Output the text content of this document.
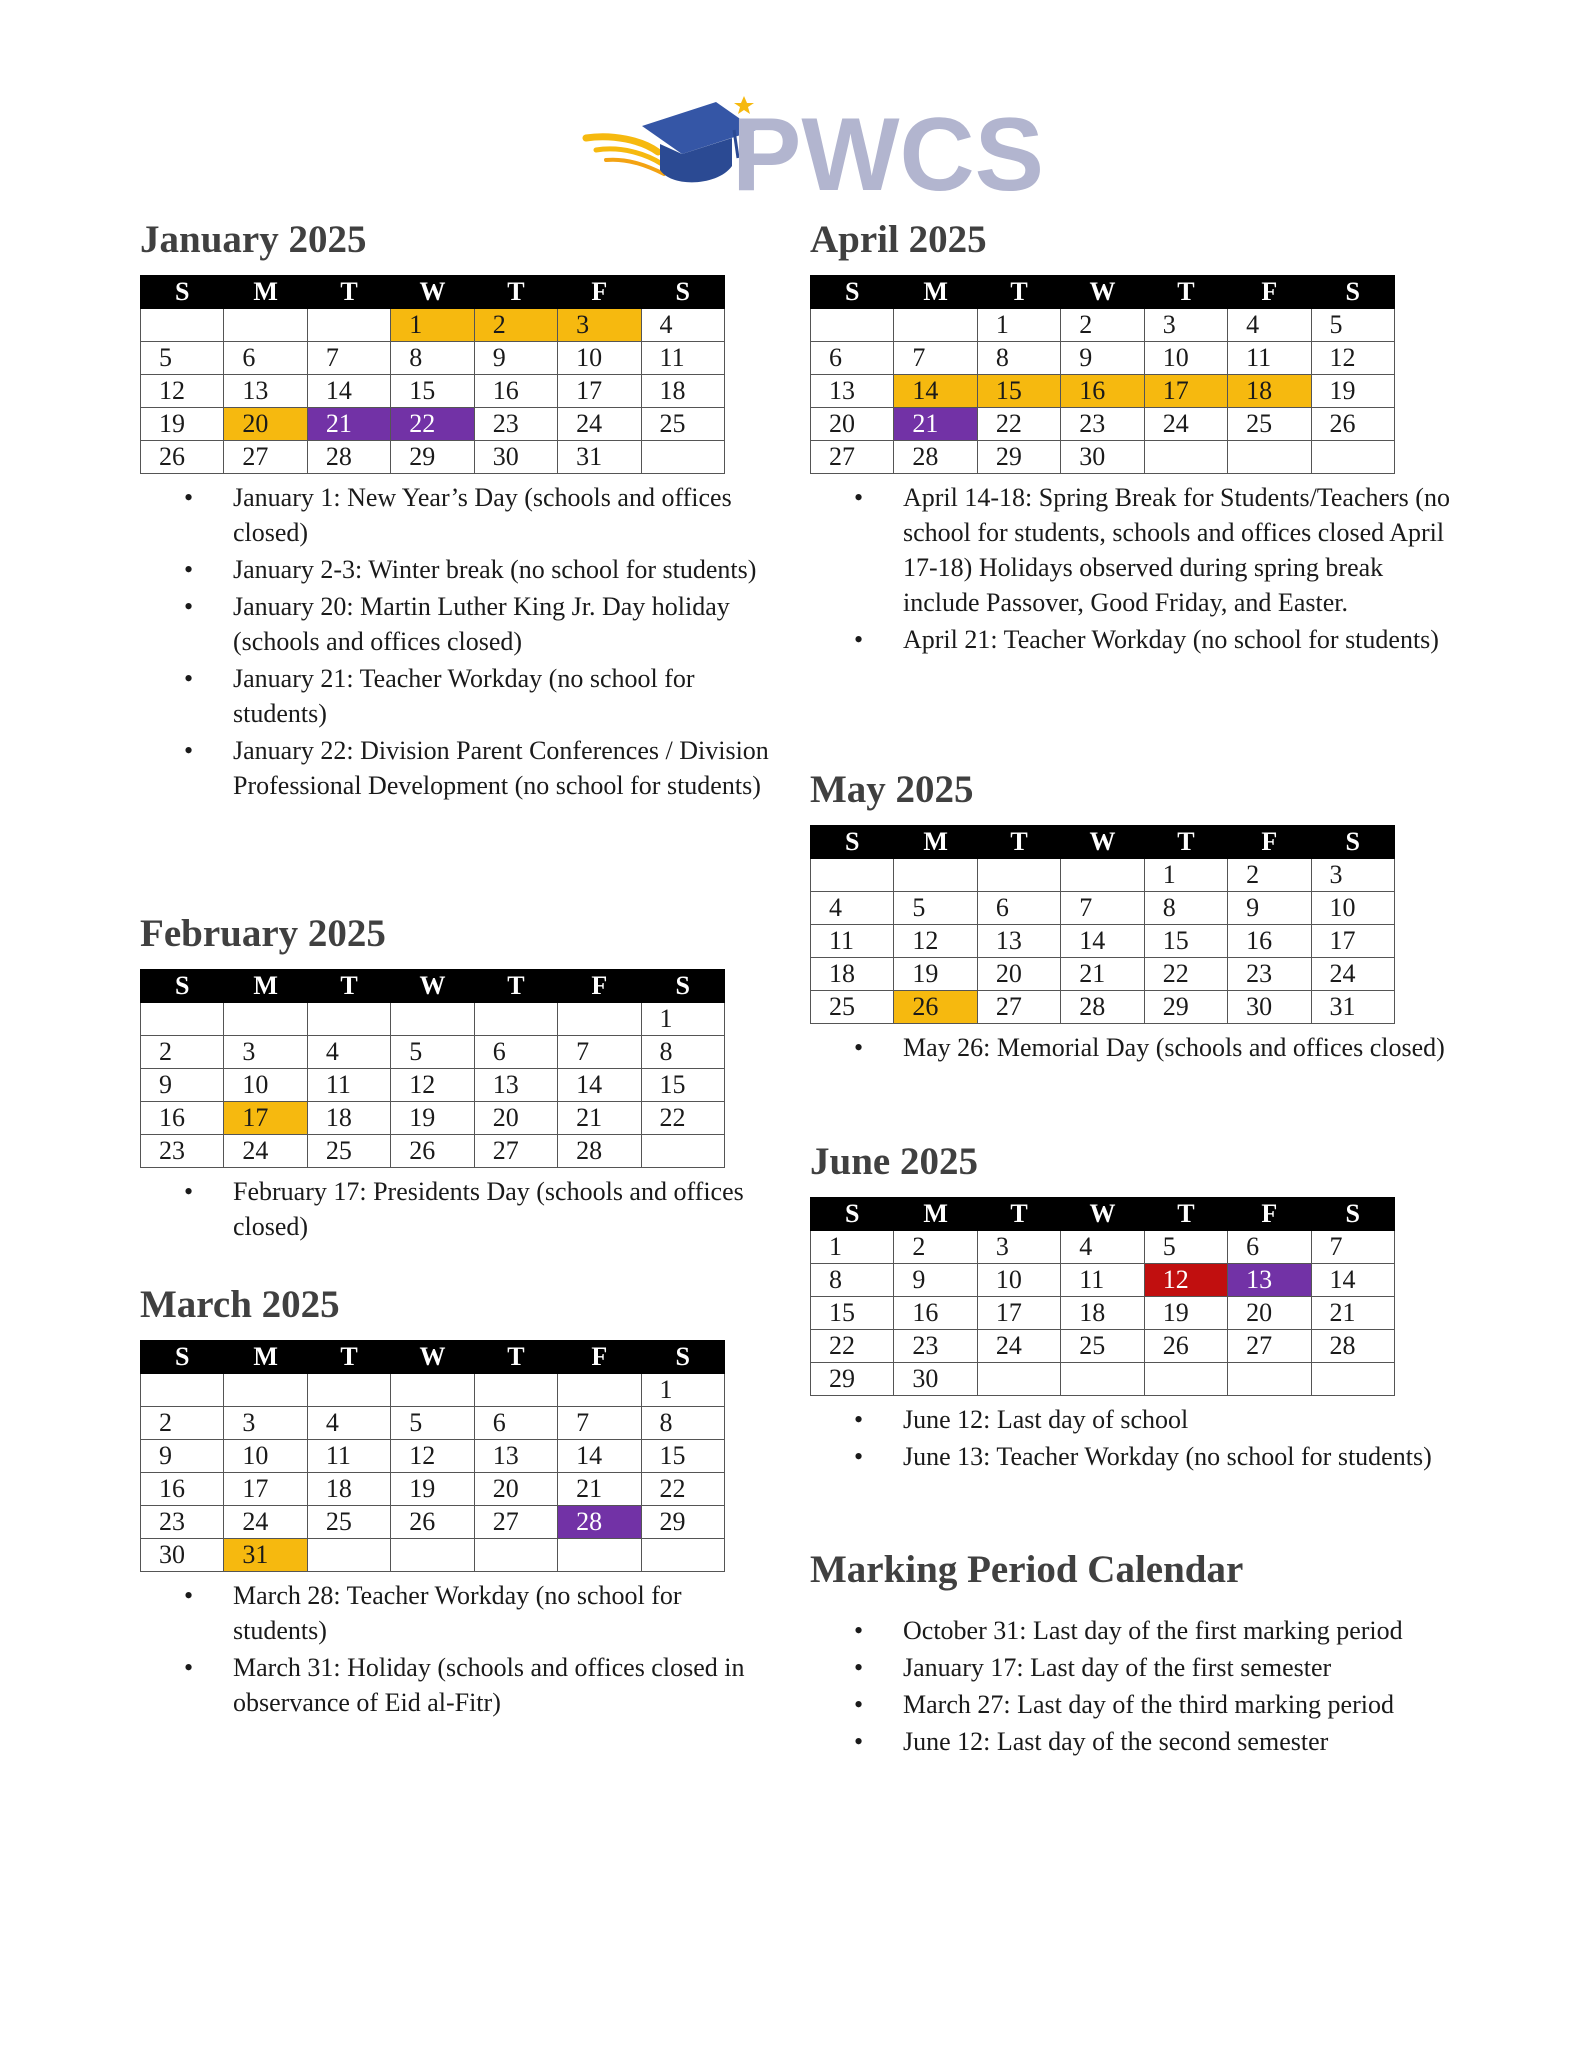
PWCS
January 2025
S	M	T	W	T	F	S
			1	2	3	4
5	6	7	8	9	10	11
12	13	14	15	16	17	18
19	20	21	22	23	24	25
26	27	28	29	30	31	
• January 1: New Year’s Day (schools and offices closed)
• January 2-3: Winter break (no school for students)
• January 20: Martin Luther King Jr. Day holiday (schools and offices closed)
• January 21: Teacher Workday (no school for students)
• January 22: Division Parent Conferences / Division Professional Development (no school for students)
February 2025
S	M	T	W	T	F	S
						1
2	3	4	5	6	7	8
9	10	11	12	13	14	15
16	17	18	19	20	21	22
23	24	25	26	27	28	
• February 17: Presidents Day (schools and offices closed)
March 2025
S	M	T	W	T	F	S
						1
2	3	4	5	6	7	8
9	10	11	12	13	14	15
16	17	18	19	20	21	22
23	24	25	26	27	28	29
30	31					
• March 28: Teacher Workday (no school for students)
• March 31: Holiday (schools and offices closed in observance of Eid al-Fitr)
April 2025
S	M	T	W	T	F	S
		1	2	3	4	5
6	7	8	9	10	11	12
13	14	15	16	17	18	19
20	21	22	23	24	25	26
27	28	29	30			
• April 14-18: Spring Break for Students/Teachers (no school for students, schools and offices closed April 17-18) Holidays observed during spring break include Passover, Good Friday, and Easter.
• April 21: Teacher Workday (no school for students)
May 2025
S	M	T	W	T	F	S
				1	2	3
4	5	6	7	8	9	10
11	12	13	14	15	16	17
18	19	20	21	22	23	24
25	26	27	28	29	30	31
• May 26: Memorial Day (schools and offices closed)
June 2025
S	M	T	W	T	F	S
1	2	3	4	5	6	7
8	9	10	11	12	13	14
15	16	17	18	19	20	21
22	23	24	25	26	27	28
29	30					
• June 12: Last day of school
• June 13: Teacher Workday (no school for students)
Marking Period Calendar
• October 31: Last day of the first marking period
• January 17: Last day of the first semester
• March 27: Last day of the third marking period
• June 12: Last day of the second semester
